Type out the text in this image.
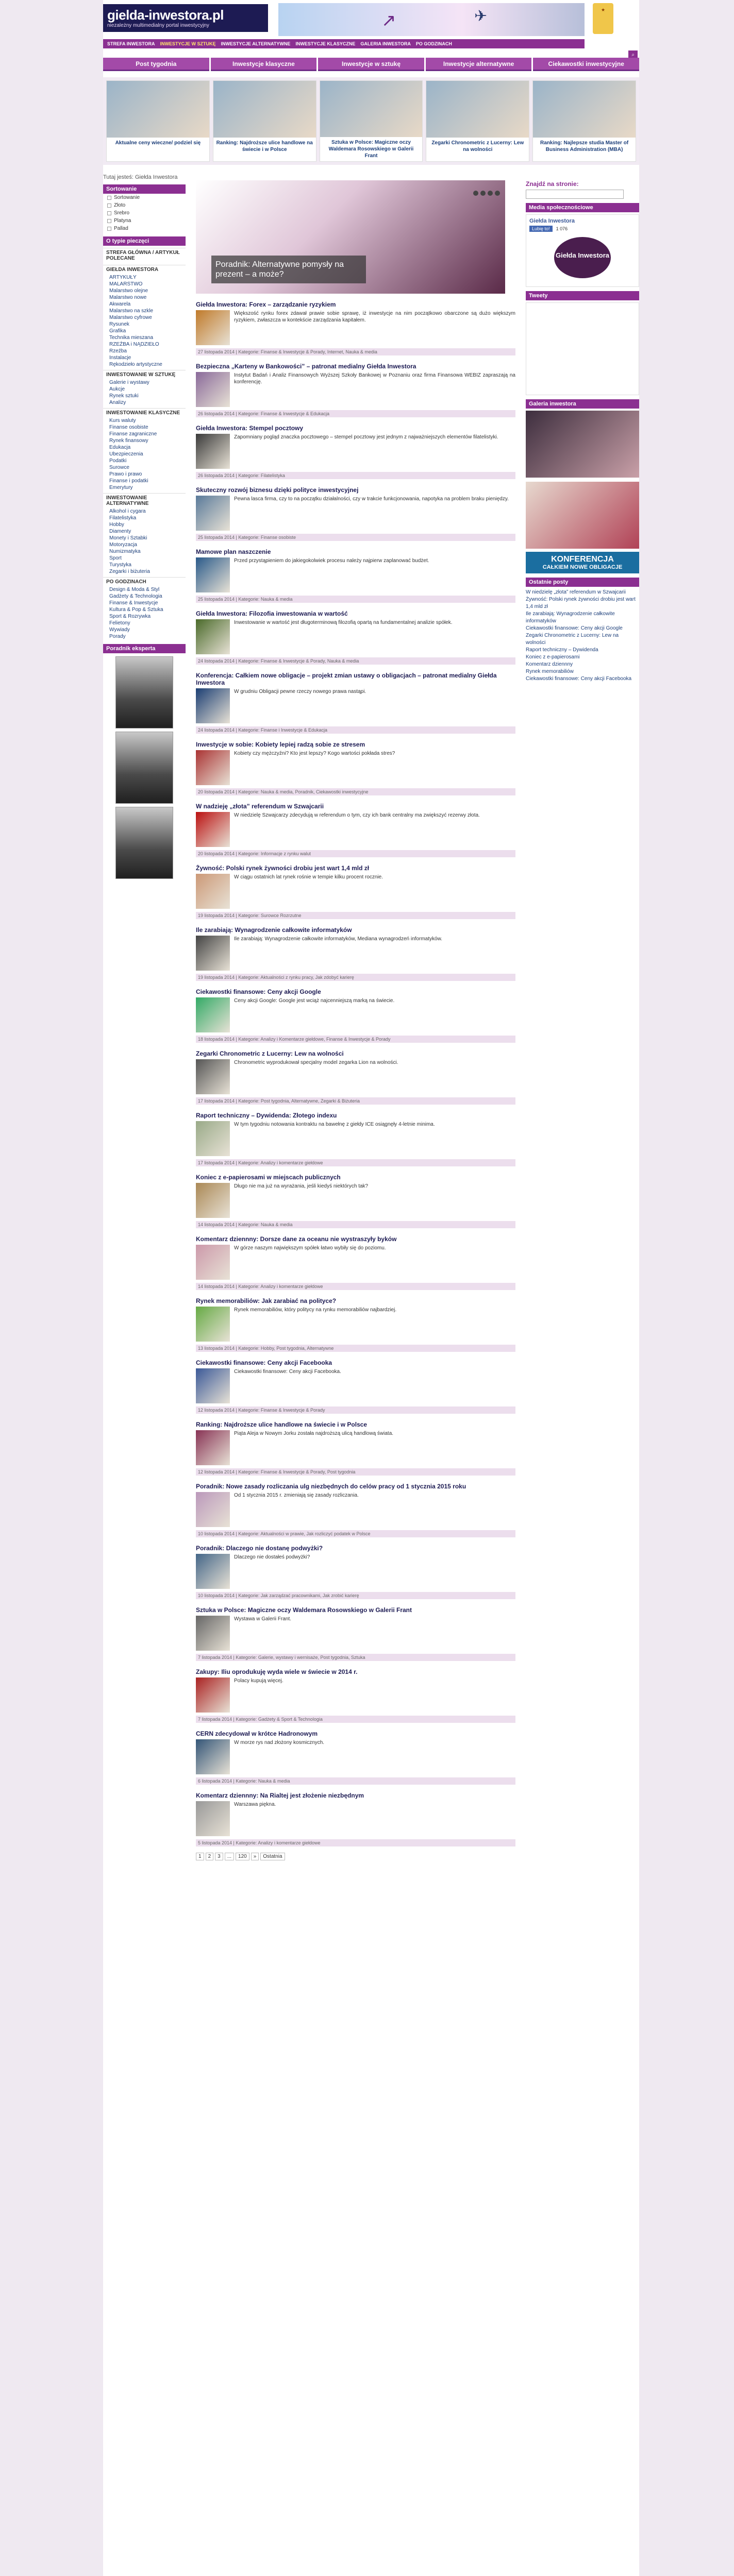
gielda-inwestora.pl
niezależny multimedialny portal inwestycyjny	↗	✈	★
STREFA INWESTORA INWESTYCJE W SZTUKĘ INWESTYCJE ALTERNATYWNE INWESTYCJE KLASYCZNE GALERIA INWESTORA PO GODZINACH
⌕
Post tygodnia	Inwestycje klasyczne	Inwestycje w sztukę	Inwestycje alternatywne	Ciekawostki inwestycyjne
Aktualne ceny wieczne/ podziel się	Ranking: Najdroższe ulice handlowe na świecie i w Polsce
Sztuka w Polsce: Magiczne oczy Waldemara Rosowskiego w Galerii Frant
Zegarki Chronometric z Lucerny: Lew na wolności
Ranking: Najlepsze studia Master of Business Administration (MBA)
Tutaj jesteś: Giełda Inwestora
Sortowanie
Sortowanie
Złoto
Srebro
Platyna
Pallad
O typie pieczęci
STREFA GŁÓWNA / ARTYKUŁ POLECANE
GIEŁDA INWESTORA
ARTYKUŁY
MALARSTWO
Malarstwo olejne
Malarstwo nowe
Akwarela
Malarstwo na szkle
Malarstwo cyfrowe
Rysunek
Grafika
Technika mieszana
RZEŹBA i NĄDZIEŁO
Rzeźba
Instalacje
Rękodzieło artystyczne
INWESTOWANIE W SZTUKĘ
Galerie i wystawy
Aukcje
Rynek sztuki
Analizy
INWESTOWANIE KLASYCZNE
Kurs waluty
Finanse osobiste
Finanse zagraniczne
Rynek finansowy
Edukacja
Ubezpieczenia
Podatki
Surowce
Prawo i prawo
Finanse i podatki
Emerytury
INWESTOWANIE ALTERNATYWNE
Alkohol i cygara
Filatelistyka
Hobby
Diamenty
Monety i Sztabki
Motoryzacja
Numizmatyka
Sport
Turystyka
Zegarki i biżuteria
PO GODZINACH
Design & Moda & Styl
Gadżety & Technologia
Finanse & Inwestycje
Kultura & Pop & Sztuka
Sport & Rozrywka
Felietony
Wywiady
Porady
Poradnik eksperta
Poradnik: Alternatywne pomysły na prezent – a może?
Giełda Inwestora: Forex – zarządzanie ryzykiem
Większość rynku forex zdawał prawie sobie sprawę, iż inwestycje na nim początkowo obarczone są dużo większym ryzykiem, zwłaszcza w kontekście zarządzania kapitałem.
27 listopada 2014 | Kategorie: Finanse & Inwestycje & Porady, Internet, Nauka & media
Bezpieczna „Karteny w Bankowości” – patronat medialny Giełda Inwestora
Instytut Badań i Analiz Finansowych Wyższej Szkoły Bankowej w Poznaniu oraz firma Finansowa WEBIZ zapraszają na konferencję.
26 listopada 2014 | Kategorie: Finanse & Inwestycje & Edukacja
Giełda Inwestora: Stempel pocztowy
Zapomniany pogląd znaczka pocztowego – stempel pocztowy jest jednym z najważniejszych elementów filatelistyki.
26 listopada 2014 | Kategorie: Filatelistyka
Skuteczny rozwój biznesu dzięki polityce inwestycyjnej
Pewna lasca firma, czy to na początku działalności, czy w trakcie funkcjonowania, napotyka na problem braku pieniędzy.
25 listopada 2014 | Kategorie: Finanse osobiste
Mamowe plan naszczenie
Przed przystąpieniem do jakiegokolwiek procesu należy najpierw zaplanować budżet.
25 listopada 2014 | Kategorie: Nauka & media
Giełda Inwestora: Filozofia inwestowania w wartość
Inwestowanie w wartość jest długoterminową filozofią opartą na fundamentalnej analizie spółek.
24 listopada 2014 | Kategorie: Finanse & Inwestycje & Porady, Nauka & media
Konferencja: Całkiem nowe obligacje – projekt zmian ustawy o obligacjach – patronat medialny Giełda Inwestora
W grudniu Obligacji pewne rzeczy nowego prawa nastąpi.
24 listopada 2014 | Kategorie: Finanse i Inwestycje & Edukacja
Inwestycje w sobie: Kobiety lepiej radzą sobie ze stresem
Kobiety czy mężczyźni? Kto jest lepszy? Kogo wartości pokłada stres?
20 listopada 2014 | Kategorie: Nauka & media, Poradnik, Ciekawostki inwestycyjne
W nadzieję „złota” referendum w Szwajcarii
W niedzielę Szwajcarzy zdecydują w referendum o tym, czy ich bank centralny ma zwiększyć rezerwy złota.
20 listopada 2014 | Kategorie: Informacje z rynku walut
Żywność: Polski rynek żywności drobiu jest wart 1,4 mld zł
W ciągu ostatnich lat rynek rośnie w tempie kilku procent rocznie.
19 listopada 2014 | Kategorie: Surowce Rozrzutne
Ile zarabiają: Wynagrodzenie całkowite informatyków
Ile zarabiają: Wynagrodzenie całkowite informatyków, Mediana wynagrodzeń informatyków.
19 listopada 2014 | Kategorie: Aktualności z rynku pracy, Jak zdobyć karierę
Ciekawostki finansowe: Ceny akcji Google
Ceny akcji Google: Google jest wciąż najcenniejszą marką na świecie.
18 listopada 2014 | Kategorie: Analizy i Komentarze giełdowe, Finanse & Inwestycje & Porady
Zegarki Chronometric z Lucerny: Lew na wolności
Chronometric wyprodukował specjalny model zegarka Lion na wolności.
17 listopada 2014 | Kategorie: Post tygodnia, Alternatywne, Zegarki & Biżuteria
Raport techniczny – Dywidenda: Złotego indexu
W tym tygodniu notowania kontraktu na bawełnę z giełdy ICE osiągnęły 4-letnie minima.
17 listopada 2014 | Kategorie: Analizy i komentarze giełdowe
Koniec z e-papierosami w miejscach publicznych
Długo nie ma już na wyrażania, jeśli kiedyś niektórych tak?
14 listopada 2014 | Kategorie: Nauka & media
Komentarz dziennny: Dorsze dane za oceanu nie wystraszyły byków
W górze naszym największym spółek łatwo wybiły się do poziomu.
14 listopada 2014 | Kategorie: Analizy i komentarze giełdowe
Rynek memorabiliów: Jak zarabiać na polityce?
Rynek memorabiliów, który politycy na rynku memorabiliów najbardziej.
13 listopada 2014 | Kategorie: Hobby, Post tygodnia, Alternatywne
Ciekawostki finansowe: Ceny akcji Facebooka
Ciekawostki finansowe: Ceny akcji Facebooka.
12 listopada 2014 | Kategorie: Finanse & Inwestycje & Porady
Ranking: Najdroższe ulice handlowe na świecie i w Polsce
Piąta Aleja w Nowym Jorku została najdroższą ulicą handlową świata.
12 listopada 2014 | Kategorie: Finanse & Inwestycje & Porady, Post tygodnia
Poradnik: Nowe zasady rozliczania ulg niezbędnych do celów pracy od 1 stycznia 2015 roku
Od 1 stycznia 2015 r. zmieniają się zasady rozliczania.
10 listopada 2014 | Kategorie: Aktualności w prawie, Jak rozliczyć podatek w Polsce
Poradnik: Dlaczego nie dostanę podwyżki?
Dlaczego nie dostałeś podwyżki?
10 listopada 2014 | Kategorie: Jak zarządzać pracownikami, Jak zrobić karierę
Sztuka w Polsce: Magiczne oczy Waldemara Rosowskiego w Galerii Frant
Wystawa w Galerii Frant.
7 listopada 2014 | Kategorie: Galerie, wystawy i wernisaże, Post tygodnia, Sztuka
Zakupy: Iliu oprodukuję wyda wiele w świecie w 2014 r.
Polacy kupują więcej.
7 listopada 2014 | Kategorie: Gadżety & Sport & Technologia
CERN zdecydował w krótce Hadronowym
W morze rys nad złożony kosmicznych.
6 listopada 2014 | Kategorie: Nauka & media
Komentarz dziennny: Na Rialtej jest złożenie niezbędnym
Warszawa piękna.
5 listopada 2014 | Kategorie: Analizy i komentarze giełdowe
1	2	3	...	120	»	Ostatnia
Znajdź na stronie:
Media społecznościowe
Giełda Inwestora
Lubię to! 1 076
Giełda Inwestora
Tweety
Galeria inwestora
KONFERENCJA
CAŁKIEM NOWE OBLIGACJE
Ostatnie posty
W niedzielę „złota” referendum w Szwajcarii
Żywność: Polski rynek żywności drobiu jest wart 1,4 mld zł
Ile zarabiają: Wynagrodzenie całkowite informatyków
Ciekawostki finansowe: Ceny akcji Google
Zegarki Chronometric z Lucerny: Lew na wolności
Raport techniczny – Dywidenda
Koniec z e-papierosami
Komentarz dziennny
Rynek memorabiliów
Ciekawostki finansowe: Ceny akcji Facebooka
